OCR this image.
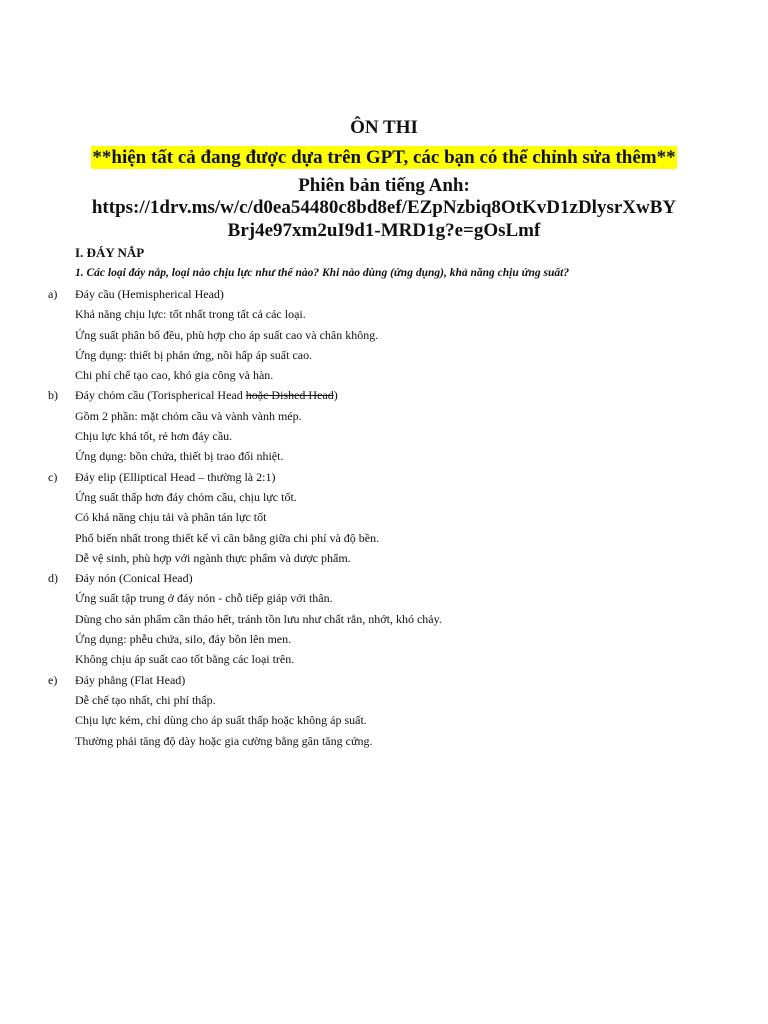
ÔN THI
**hiện tất cả đang được dựa trên GPT, các bạn có thể chỉnh sửa thêm**
Phiên bản tiếng Anh:
https://1drv.ms/w/c/d0ea54480c8bd8ef/EZpNzbiq8OtKvD1zDlysrXwBY
Brj4e97xm2uI9d1-MRD1g?e=gOsLmf
I. ĐÁY NẮP
1. Các loại đáy nắp, loại nào chịu lực như thế nào? Khi nào dùng (ứng dụng), khả năng chịu ứng suất?
a) Đáy cầu (Hemispherical Head)
Khả năng chịu lực: tốt nhất trong tất cả các loại.
Ứng suất phân bố đều, phù hợp cho áp suất cao và chân không.
Ứng dụng: thiết bị phản ứng, nồi hấp áp suất cao.
Chi phí chế tạo cao, khó gia công và hàn.
b) Đáy chỏm cầu (Torispherical Head hoặc Dished Head)
Gồm 2 phần: mặt chỏm cầu và vành vành mép.
Chịu lực khá tốt, rẻ hơn đáy cầu.
Ứng dụng: bồn chứa, thiết bị trao đổi nhiệt.
c) Đáy elip (Elliptical Head – thường là 2:1)
Ứng suất thấp hơn đáy chỏm cầu, chịu lực tốt.
Có khả năng chịu tải và phân tán lực tốt
Phổ biến nhất trong thiết kế vì cân bằng giữa chi phí và độ bền.
Dễ vệ sinh, phù hợp với ngành thực phẩm và dược phẩm.
d) Đáy nón (Conical Head)
Ứng suất tập trung ở đáy nón - chỗ tiếp giáp với thân.
Dùng cho sản phẩm cần tháo hết, tránh tồn lưu như chất rắn, nhớt, khó chảy.
Ứng dụng: phễu chứa, silo, đáy bồn lên men.
Không chịu áp suất cao tốt bằng các loại trên.
e) Đáy phẳng (Flat Head)
Dễ chế tạo nhất, chi phí thấp.
Chịu lực kém, chỉ dùng cho áp suất thấp hoặc không áp suất.
Thường phải tăng độ dày hoặc gia cường bằng gân tăng cứng.
